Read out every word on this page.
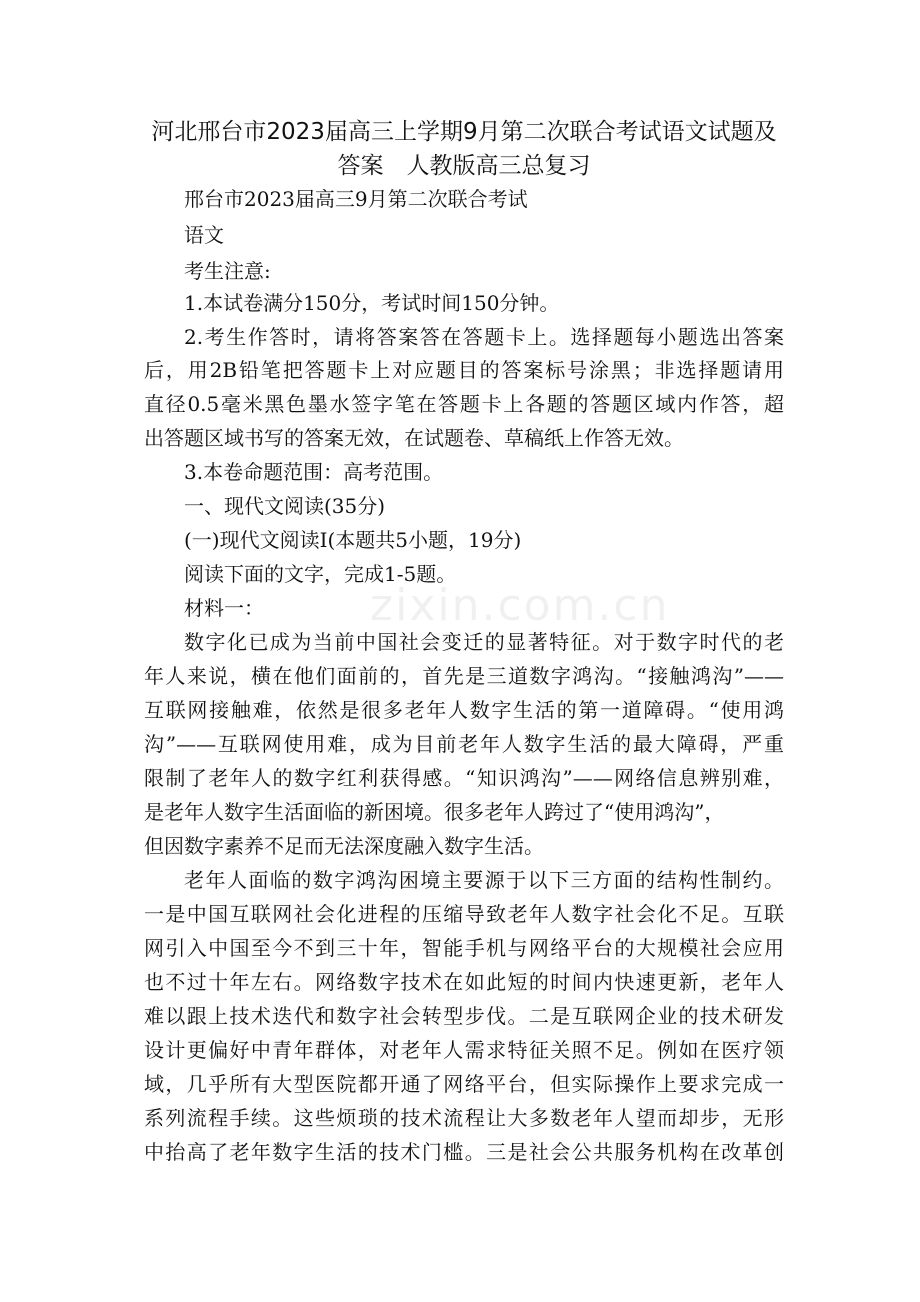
zixin.com.cn
河北邢台市2023届高三上学期9月第二次联合考试语文试题及
答案　人教版高三总复习
邢台市2023届高三9月第二次联合考试
语文
考生注意:
1.本试卷满分150分，考试时间150分钟。
2.考生作答时，请将答案答在答题卡上。选择题每小题选出答案
后，用2B铅笔把答题卡上对应题目的答案标号涂黑；非选择题请用
直径0.5毫米黑色墨水签字笔在答题卡上各题的答题区域内作答，超
出答题区域书写的答案无效，在试题卷、草稿纸上作答无效。
3.本卷命题范围：高考范围。
一、现代文阅读(35分)
(一)现代文阅读Ⅰ(本题共5小题，19分)
阅读下面的文字，完成1-5题。
材料一：
数字化已成为当前中国社会变迁的显著特征。对于数字时代的老
年人来说，横在他们面前的，首先是三道数字鸿沟。“接触鸿沟”——
互联网接触难，依然是很多老年人数字生活的第一道障碍。“使用鸿
沟”——互联网使用难，成为目前老年人数字生活的最大障碍，严重
限制了老年人的数字红利获得感。“知识鸿沟”——网络信息辨别难，
是老年人数字生活面临的新困境。很多老年人跨过了“使用鸿沟”，
但因数字素养不足而无法深度融入数字生活。
老年人面临的数字鸿沟困境主要源于以下三方面的结构性制约。
一是中国互联网社会化进程的压缩导致老年人数字社会化不足。互联
网引入中国至今不到三十年，智能手机与网络平台的大规模社会应用
也不过十年左右。网络数字技术在如此短的时间内快速更新，老年人
难以跟上技术迭代和数字社会转型步伐。二是互联网企业的技术研发
设计更偏好中青年群体，对老年人需求特征关照不足。例如在医疗领
域，几乎所有大型医院都开通了网络平台，但实际操作上要求完成一
系列流程手续。这些烦琐的技术流程让大多数老年人望而却步，无形
中抬高了老年数字生活的技术门槛。三是社会公共服务机构在改革创
